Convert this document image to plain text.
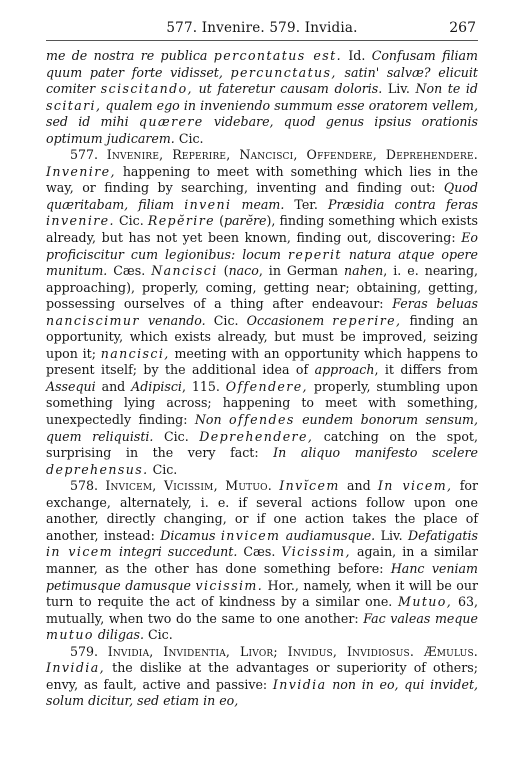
577. Invenire. 579. Invidia.	267

me de nostra re publica percontatus est. Id. Confusam filiam quum pater forte vidisset, percunctatus, satin' salvæ? elicuit comiter sciscitando, ut fateretur causam doloris. Liv. Non te id scitari, qualem ego in inveniendo summum esse oratorem vellem, sed id mihi quærere videbare, quod genus ipsius orationis optimum judicarem. Cic.

577. Invenire, Reperire, Nancisci, Offendere, Deprehendere. Invenire, happening to meet with something which lies in the way, or finding by searching, inventing and finding out: Quod quæritabam, filiam inveni meam. Ter. Præsidia contra feras invenire. Cic. Repĕrire (parĕre), finding something which exists already, but has not yet been known, finding out, discovering: Eo proficiscitur cum legionibus: locum reperit natura atque opere munitum. Cæs. Nancisci (naco, in German nahen, i. e. nearing, approaching), properly, coming, getting near; obtaining, getting, possessing ourselves of a thing after endeavour: Feras beluas nanciscimur venando. Cic. Occasionem reperire, finding an opportunity, which exists already, but must be improved, seizing upon it; nancisci, meeting with an opportunity which happens to present itself; by the additional idea of approach, it differs from Assequi and Adipisci, 115. Offendere, properly, stumbling upon something lying across; happening to meet with something, unexpectedly finding: Non offendes eundem bonorum sensum, quem reliquisti. Cic. Deprehendere, catching on the spot, surprising in the very fact: In aliquo manifesto scelere deprehensus. Cic.

578. Invicem, Vicissim, Mutuo. Invĭcem and In vicem, for exchange, alternately, i. e. if several actions follow upon one another, directly changing, or if one action takes the place of another, instead: Dicamus invicem audiamusque. Liv. Defatigatis in vicem integri succedunt. Cæs. Vicissim, again, in a similar manner, as the other has done something before: Hanc veniam petimusque damusque vicissim. Hor., namely, when it will be our turn to requite the act of kindness by a similar one. Mutuo, 63, mutually, when two do the same to one another: Fac valeas meque mutuo diligas. Cic.

579. Invidia, Invidentia, Livor; Invidus, Invidiosus. Æmulus. Invidia, the dislike at the advantages or superiority of others; envy, as fault, active and passive: Invidia non in eo, qui invidet, solum dicitur, sed etiam in eo,
